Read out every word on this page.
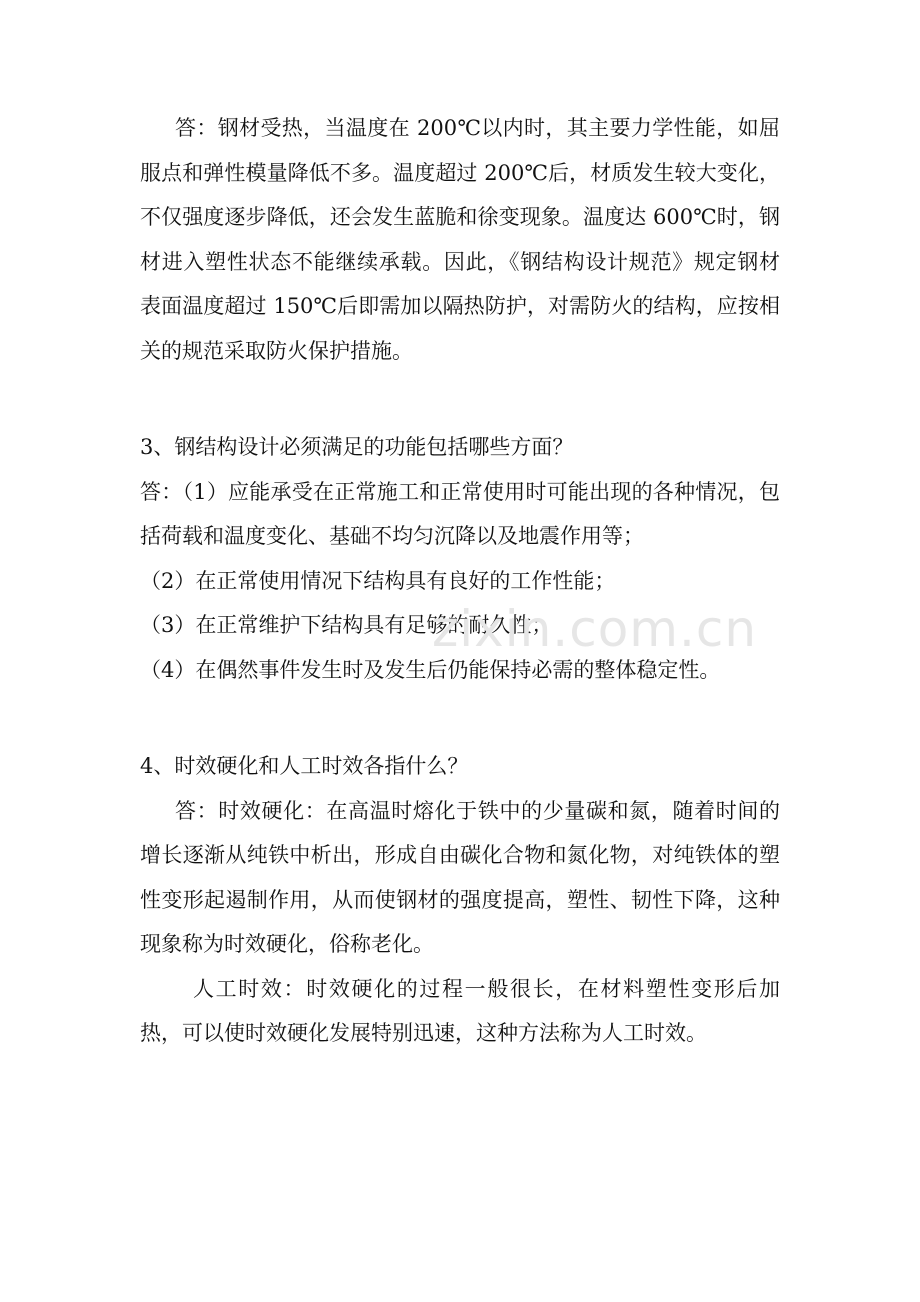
答：钢材受热，当温度在 200℃以内时，其主要力学性能，如屈服点和弹性模量降低不多。温度超过 200℃后，材质发生较大变化，不仅强度逐步降低，还会发生蓝脆和徐变现象。温度达 600℃时，钢材进入塑性状态不能继续承载。因此，《钢结构设计规范》规定钢材表面温度超过 150℃后即需加以隔热防护，对需防火的结构，应按相关的规范采取防火保护措施。

3、钢结构设计必须满足的功能包括哪些方面？

答：（1）应能承受在正常施工和正常使用时可能出现的各种情况，包括荷载和温度变化、基础不均匀沉降以及地震作用等；

（2）在正常使用情况下结构具有良好的工作性能；

（3）在正常维护下结构具有足够的耐久性；

（4）在偶然事件发生时及发生后仍能保持必需的整体稳定性。

4、时效硬化和人工时效各指什么？

答：时效硬化：在高温时熔化于铁中的少量碳和氮，随着时间的增长逐渐从纯铁中析出，形成自由碳化合物和氮化物，对纯铁体的塑性变形起遏制作用，从而使钢材的强度提高，塑性、韧性下降，这种现象称为时效硬化，俗称老化。

人工时效：时效硬化的过程一般很长，在材料塑性变形后加热，可以使时效硬化发展特别迅速，这种方法称为人工时效。

zixin.com.cn
